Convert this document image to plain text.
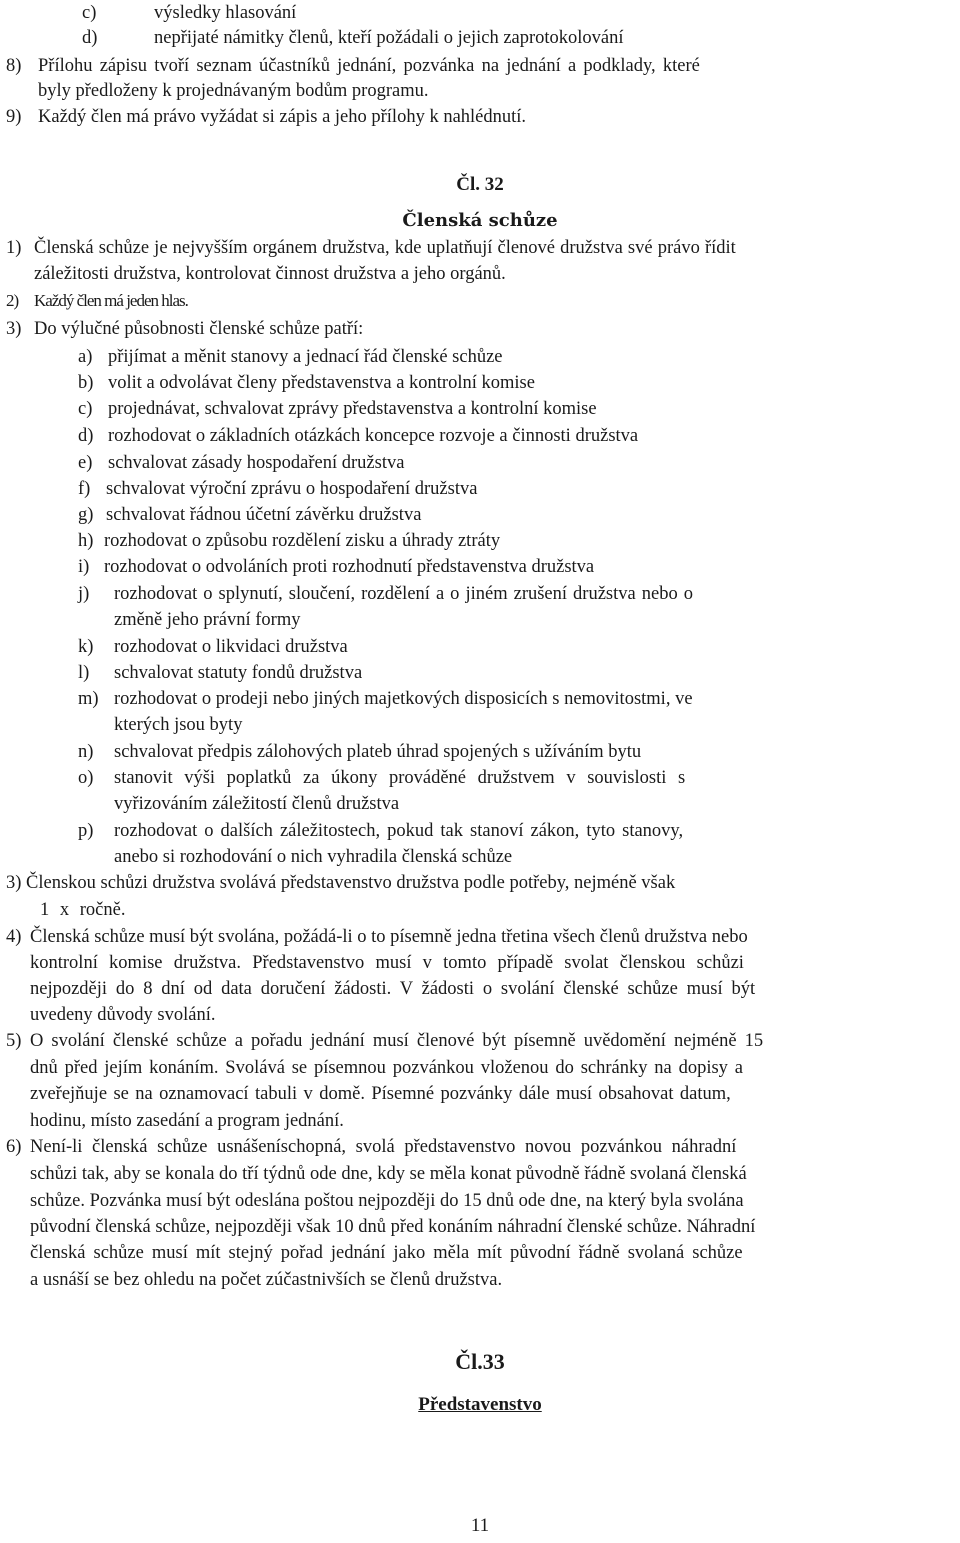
c)	výsledky hlasování
d)	nepřijaté námitky členů, kteří požádali o jejich zaprotokolování
8) Přílohu zápisu tvoří seznam účastníků jednání, pozvánka na jednání a podklady, které
byly předloženy k projednávaným bodům programu.
9) Každý člen má právo vyžádat si zápis a jeho přílohy k nahlédnutí.
Čl. 32
Členská schůze
1) Členská schůze je nejvyšším orgánem družstva, kde uplatňují členové družstva své právo řídit
záležitosti družstva, kontrolovat činnost družstva a jeho orgánů.
2) Každý člen má jeden hlas.
3) Do výlučné působnosti členské schůze patří:
a) přijímat a měnit stanovy a jednací řád členské schůze
b) volit a odvolávat členy představenstva a kontrolní komise
c) projednávat, schvalovat zprávy představenstva a kontrolní komise
d) rozhodovat o základních otázkách koncepce rozvoje a činnosti družstva
e) schvalovat zásady hospodaření družstva
f) schvalovat výroční zprávu o hospodaření družstva
g) schvalovat řádnou účetní závěrku družstva
h) rozhodovat o způsobu rozdělení zisku a úhrady ztráty
i) rozhodovat o odvoláních proti rozhodnutí představenstva družstva
j) rozhodovat o splynutí, sloučení, rozdělení a o jiném zrušení družstva nebo o
změně jeho právní formy
k) rozhodovat o likvidaci družstva
l) schvalovat statuty fondů družstva
m) rozhodovat o prodeji nebo jiných majetkových disposicích s nemovitostmi, ve
kterých jsou byty
n) schvalovat předpis zálohových plateb úhrad spojených s užíváním bytu
o) stanovit výši poplatků za úkony prováděné družstvem v souvislosti s
vyřizováním záležitostí členů družstva
p) rozhodovat o dalších záležitostech, pokud tak stanoví zákon, tyto stanovy,
anebo si rozhodování o nich vyhradila členská schůze
3) Členskou schůzi družstva svolává představenstvo družstva podle potřeby, nejméně však
1 x ročně.
4) Členská schůze musí být svolána, požádá-li o to písemně jedna třetina všech členů družstva nebo
kontrolní komise družstva. Představenstvo musí v tomto případě svolat členskou schůzi
nejpozději do 8 dní od data doručení žádosti. V žádosti o svolání členské schůze musí být
uvedeny důvody svolání.
5) O svolání členské schůze a pořadu jednání musí členové být písemně uvědomění nejméně 15
dnů před jejím konáním. Svolává se písemnou pozvánkou vloženou do schránky na dopisy a
zveřejňuje se na oznamovací tabuli v domě. Písemné pozvánky dále musí obsahovat datum,
hodinu, místo zasedání a program jednání.
6) Není-li členská schůze usnášeníschopná, svolá představenstvo novou pozvánkou náhradní
schůzi tak, aby se konala do tří týdnů ode dne, kdy se měla konat původně řádně svolaná členská
schůze. Pozvánka musí být odeslána poštou nejpozději do 15 dnů ode dne, na který byla svolána
původní členská schůze, nejpozději však 10 dnů před konáním náhradní členské schůze. Náhradní
členská schůze musí mít stejný pořad jednání jako měla mít původní řádně svolaná schůze
a usnáší se bez ohledu na počet zúčastnivších se členů družstva.
Čl.33
Představenstvo
11
